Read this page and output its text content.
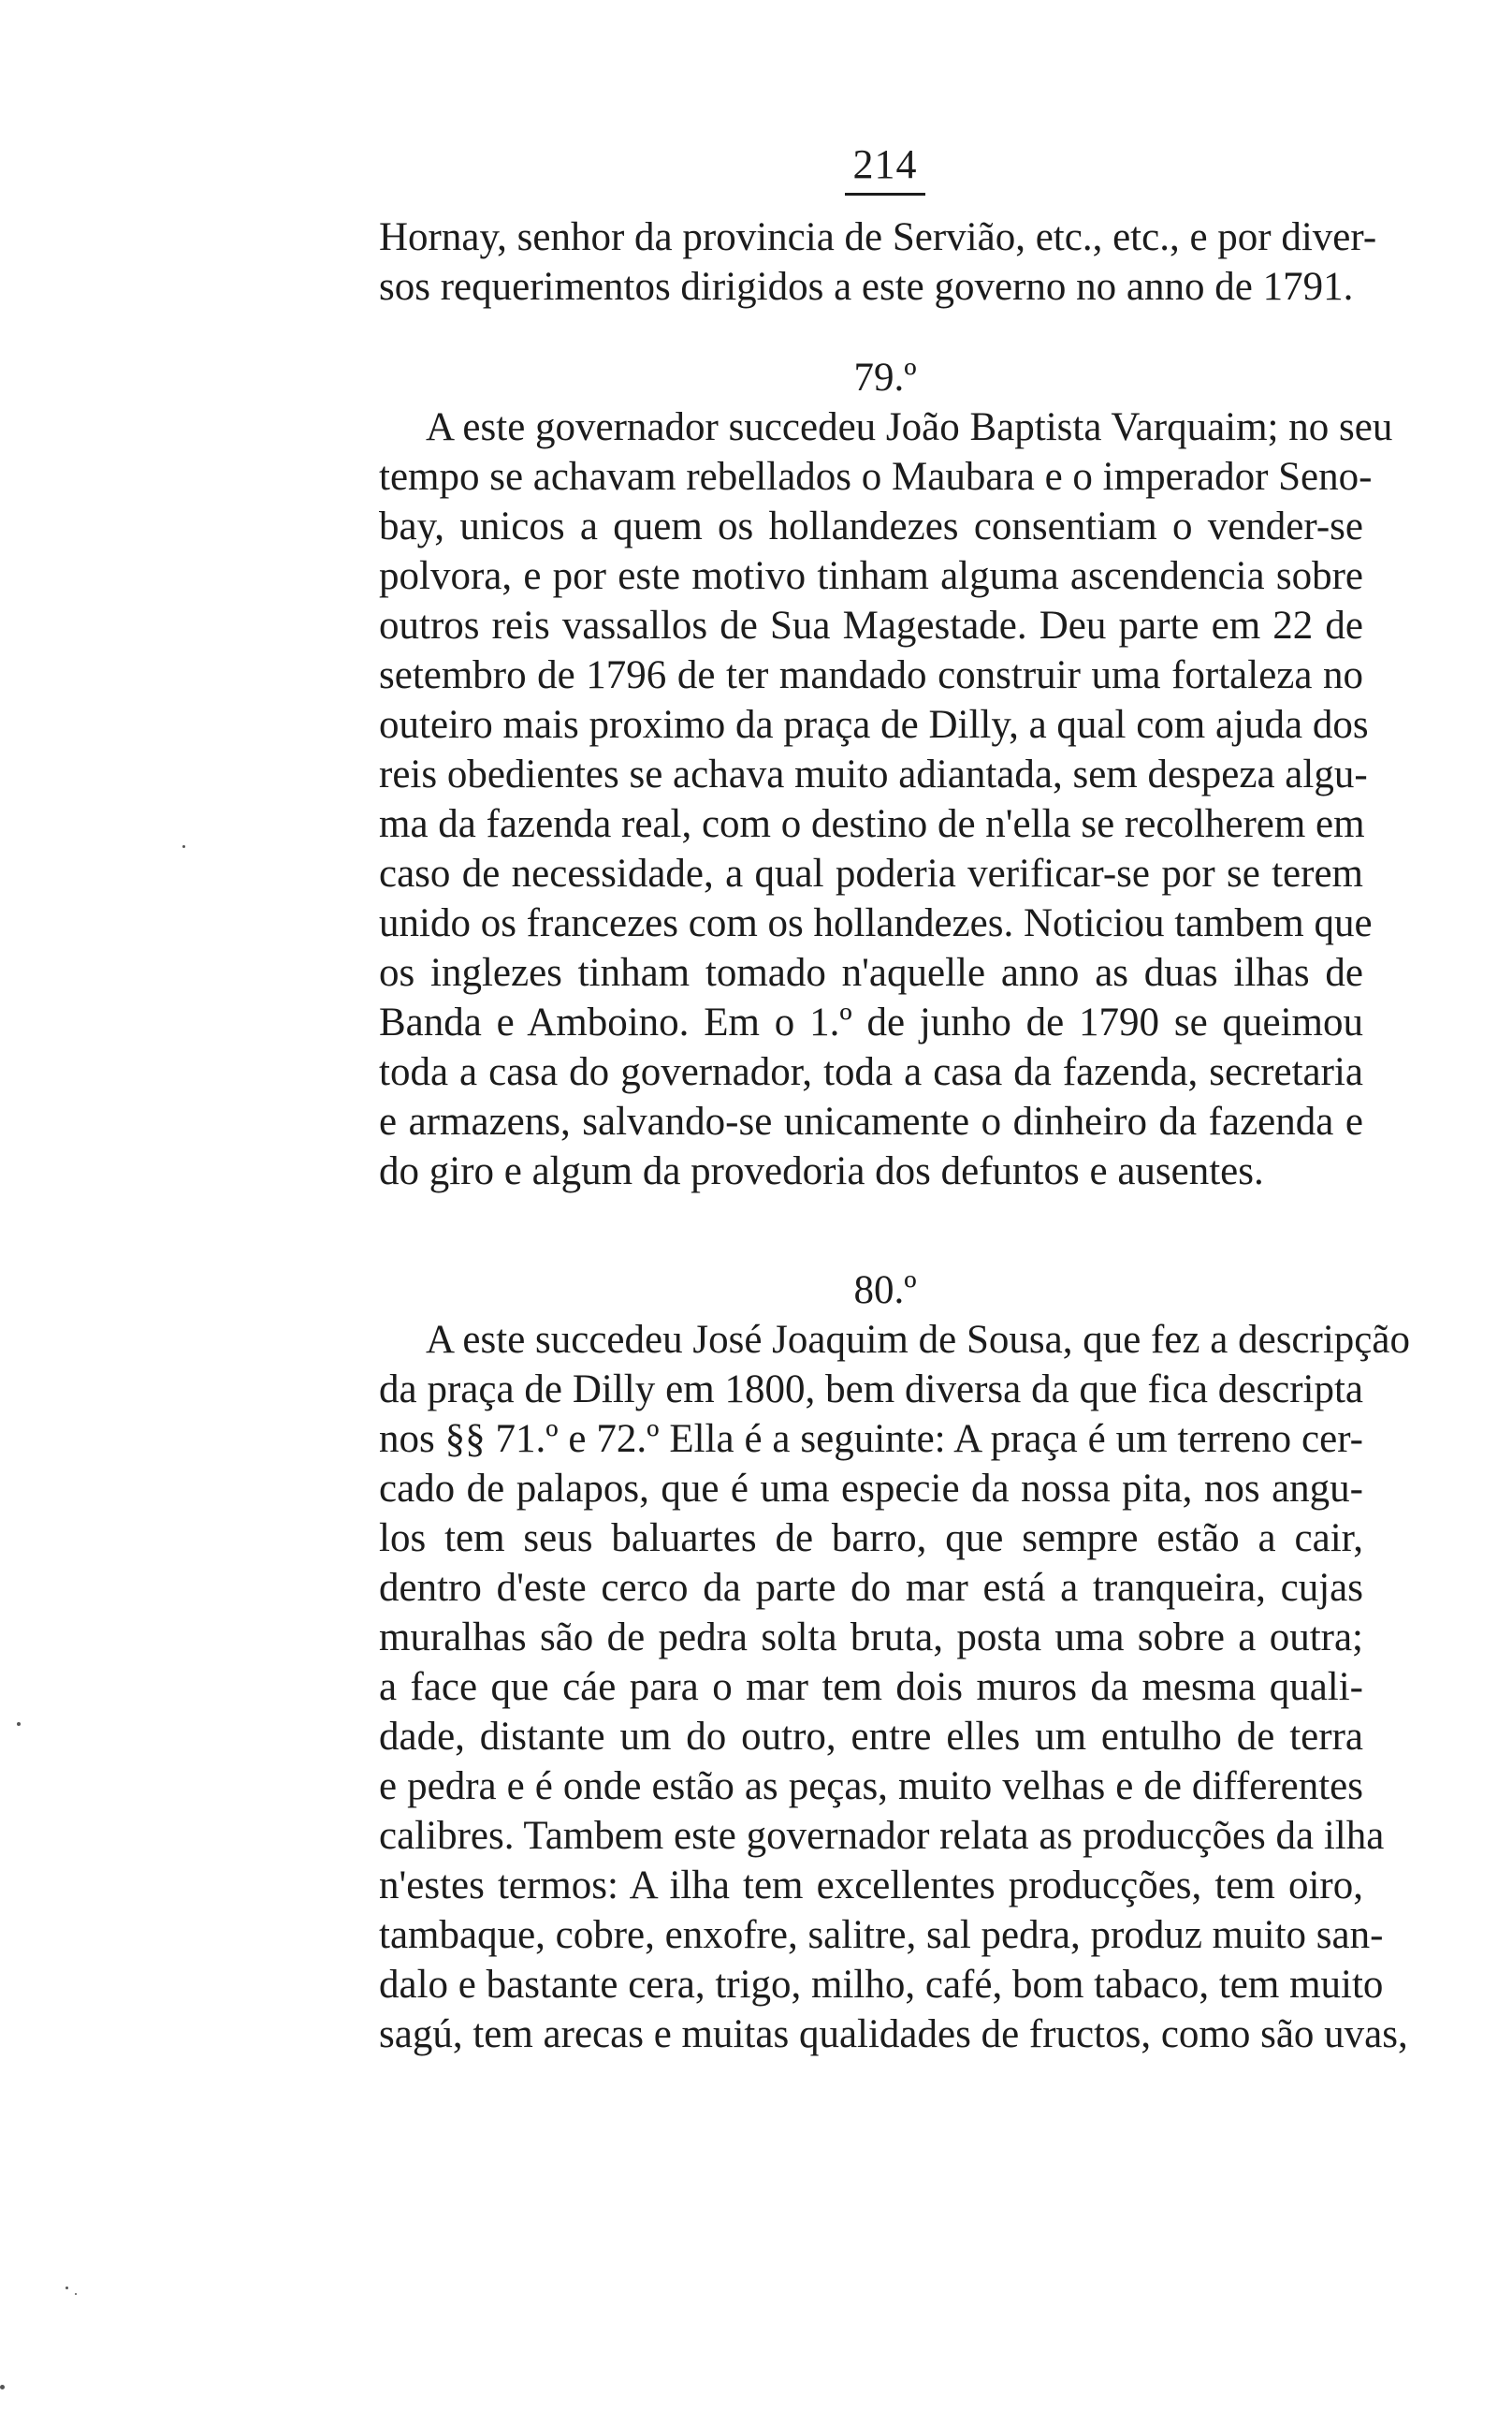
214
Hornay, senhor da provincia de Servião, etc., etc., e por diver-
sos requerimentos dirigidos a este governo no anno de 1791.
79.º
A este governador succedeu João Baptista Varquaim; no seu
tempo se achavam rebellados o Maubara e o imperador Seno-
bay, unicos a quem os hollandezes consentiam o vender-se
polvora, e por este motivo tinham alguma ascendencia sobre
outros reis vassallos de Sua Magestade. Deu parte em 22 de
setembro de 1796 de ter mandado construir uma fortaleza no
outeiro mais proximo da praça de Dilly, a qual com ajuda dos
reis obedientes se achava muito adiantada, sem despeza algu-
ma da fazenda real, com o destino de n'ella se recolherem em
caso de necessidade, a qual poderia verificar-se por se terem
unido os francezes com os hollandezes. Noticiou tambem que
os inglezes tinham tomado n'aquelle anno as duas ilhas de
Banda e Amboino. Em o 1.º de junho de 1790 se queimou
toda a casa do governador, toda a casa da fazenda, secretaria
e armazens, salvando-se unicamente o dinheiro da fazenda e
do giro e algum da provedoria dos defuntos e ausentes.
80.º
A este succedeu José Joaquim de Sousa, que fez a descripção
da praça de Dilly em 1800, bem diversa da que fica descripta
nos §§ 71.º e 72.º Ella é a seguinte: A praça é um terreno cer-
cado de palapos, que é uma especie da nossa pita, nos angu-
los tem seus baluartes de barro, que sempre estão a cair,
dentro d'este cerco da parte do mar está a tranqueira, cujas
muralhas são de pedra solta bruta, posta uma sobre a outra;
a face que cáe para o mar tem dois muros da mesma quali-
dade, distante um do outro, entre elles um entulho de terra
e pedra e é onde estão as peças, muito velhas e de differentes
calibres. Tambem este governador relata as producções da ilha
n'estes termos: A ilha tem excellentes producções, tem oiro,
tambaque, cobre, enxofre, salitre, sal pedra, produz muito san-
dalo e bastante cera, trigo, milho, café, bom tabaco, tem muito
sagú, tem arecas e muitas qualidades de fructos, como são uvas,
